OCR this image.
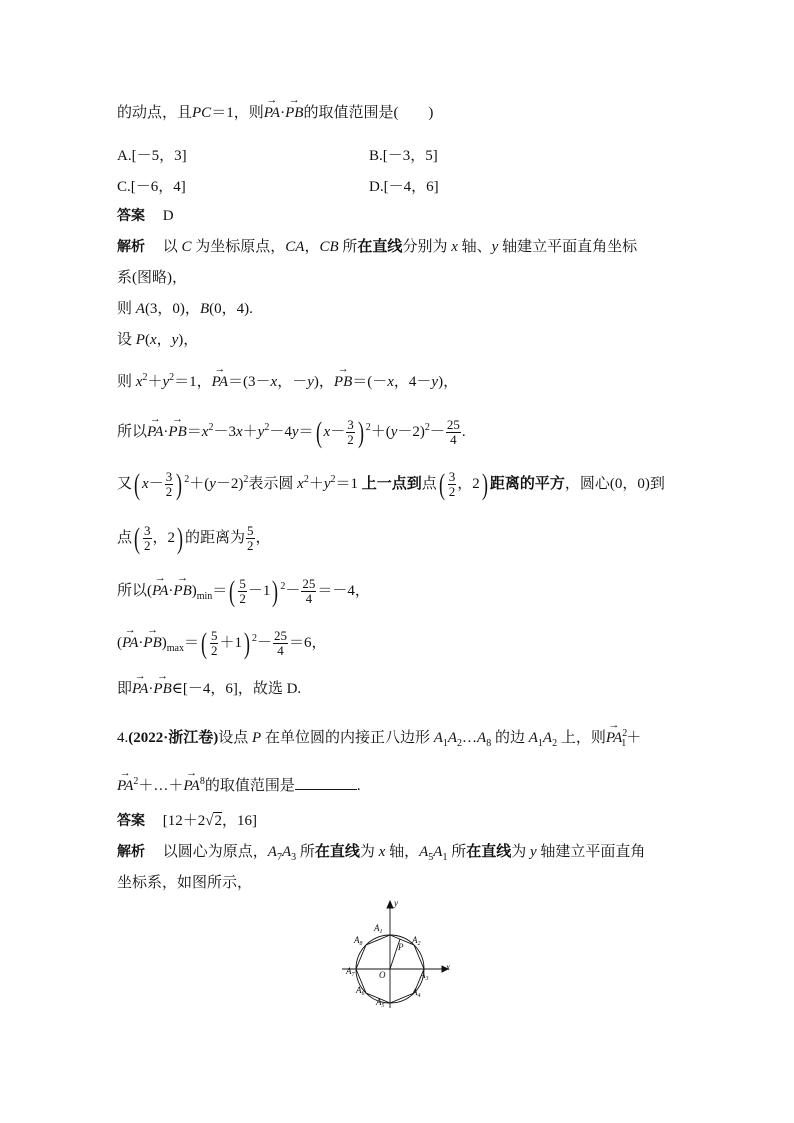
的动点，且PC＝1，则→ PA·→ PB的取值范围是(　　)
A.[－5，3]	B.[－3，5]
C.[－6，4]	D.[－4，6]
答案 D
解析 以 C 为坐标原点，CA，CB 所在直线分别为 x 轴、y 轴建立平面直角坐标
系(图略)，
则 A(3，0)，B(0，4).
设 P(x，y)，
则 $x^2+y^2=1$，→ PA＝(3－x，－y)，→ PB＝(－x，4－y)，
所以→ $PA\cdot\to PB=x^2-3x+y^2-4y=$( $x- \frac{3}{2}$ ) $^2+(y-2)^2- \frac{25}{4}$ .
又( $x- \frac{3}{2}$ ) $^2+(y-2)^2$表示圆 $x^2+y^2=1$ 上一点到点( $\frac{3}{2}$ ，2) 距离的平方，圆心(0，0)到
点( $\frac{3}{2}$ ，2) 的距离为 $\frac{5}{2}$ ，
所以(→ $PA\cdot\to PB)_{min}=( \frac{5}{2} -1)$ $^2- \frac{25}{4} =-4$，
(→ $PA\cdot\to PB)_{max}=( \frac{5}{2} +1)$ $^2- \frac{25}{4} =6$，
即→ PA·→ PB∈[－4，6]，故选 D.
4.(2022·浙江卷)设点 P 在单位圆的内接正八边形 $A_1A_2\dots A_8$ 的边 $A_1A_2$ 上，则→ $PA^2_1+$
→ $PA^2+\dots+\to PA^8$的取值范围是	.
答案 [12＋2√2，16]
解析 以圆心为原点，$A_7A_3$ 所在直线为 x 轴，$A_5A_1$ 所在直线为 y 轴建立平面直角
坐标系，如图所示，
y
x
O
P
$A_1$
$A_2$
$A_3$
$A_4$
$A_5$
$A_6$
$A_7$
$A_8$
